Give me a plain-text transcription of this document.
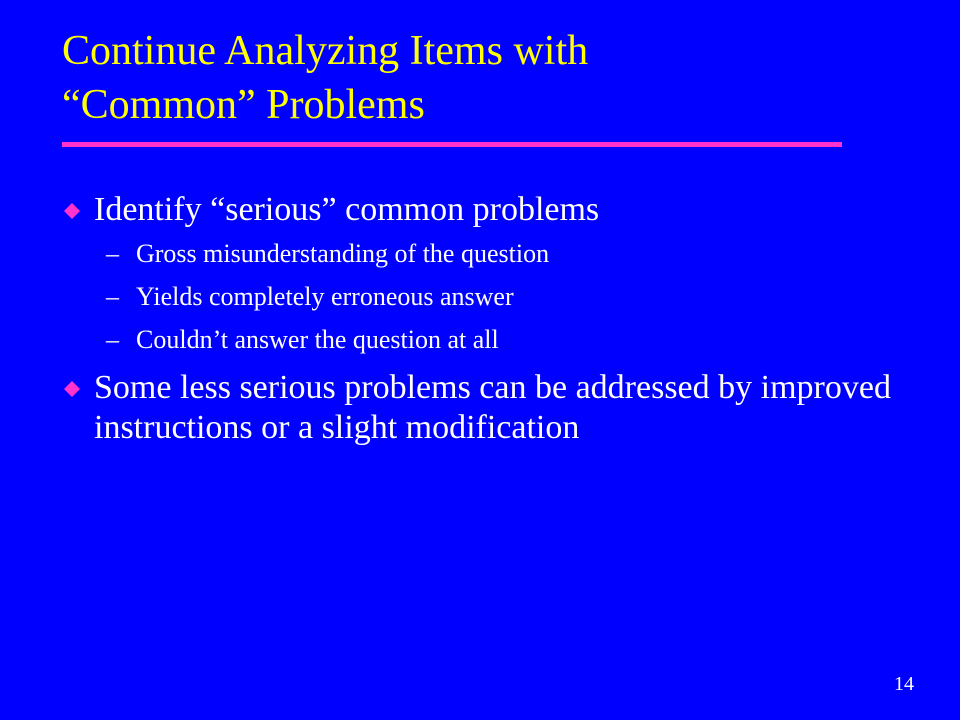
Continue Analyzing Items with
“Common” Problems
Identify “serious” common problems
– Gross misunderstanding of the question
– Yields completely erroneous answer
– Couldn’t answer the question at all
Some less serious problems can be addressed by improved instructions or a slight modification
14
